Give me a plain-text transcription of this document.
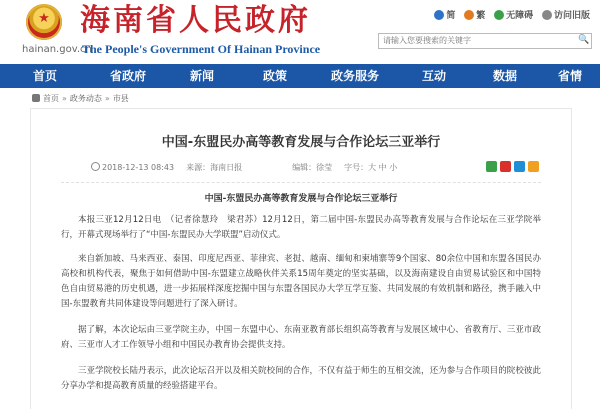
★
hainan.gov.cn
海南省人民政府
The People's Government Of Hainan Province
简 繁 无障碍 访问旧版
请输入您要搜索的关键字
🔍
首页	省政府	新闻	政策	政务服务	互动	数据	省情
首页 » 政务动态 » 市县
中国-东盟民办高等教育发展与合作论坛三亚举行
2018-12-13 08:43 来源：海南日报	编辑：徐莹 字号：大 中 小
中国-东盟民办高等教育发展与合作论坛三亚举行

本报三亚12月12日电　（记者徐慧玲　梁君苏）12月12日，第二届中国-东盟民办高等教育发展与合作论坛在三亚学院举行，开幕式现场举行了“中国-东盟民办大学联盟”启动仪式。

来自新加坡、马来西亚、泰国、印度尼西亚、菲律宾、老挝、越南、缅甸和柬埔寨等9个国家、80余位中国和东盟各国民办高校和机构代表，聚焦于如何借助中国-东盟建立战略伙伴关系15周年奠定的坚实基础，以及海南建设自由贸易试验区和中国特色自由贸易港的历史机遇，进一步拓展样深度挖掘中国与东盟各国民办大学互学互鉴、共同发展的有效机制和路径，携手融入中国-东盟教育共同体建设等问题进行了深入研讨。

据了解，本次论坛由三亚学院主办，中国－东盟中心、东南亚教育部长组织高等教育与发展区域中心、省教育厅、三亚市政府、三亚市人才工作领导小组和中国民办教育协会提供支持。

三亚学院校长陆丹表示，此次论坛召开以及相关院校间的合作，不仅有益于师生的互相交流，还为参与合作项目的院校彼此分享办学和提高教育质量的经验搭建平台。
